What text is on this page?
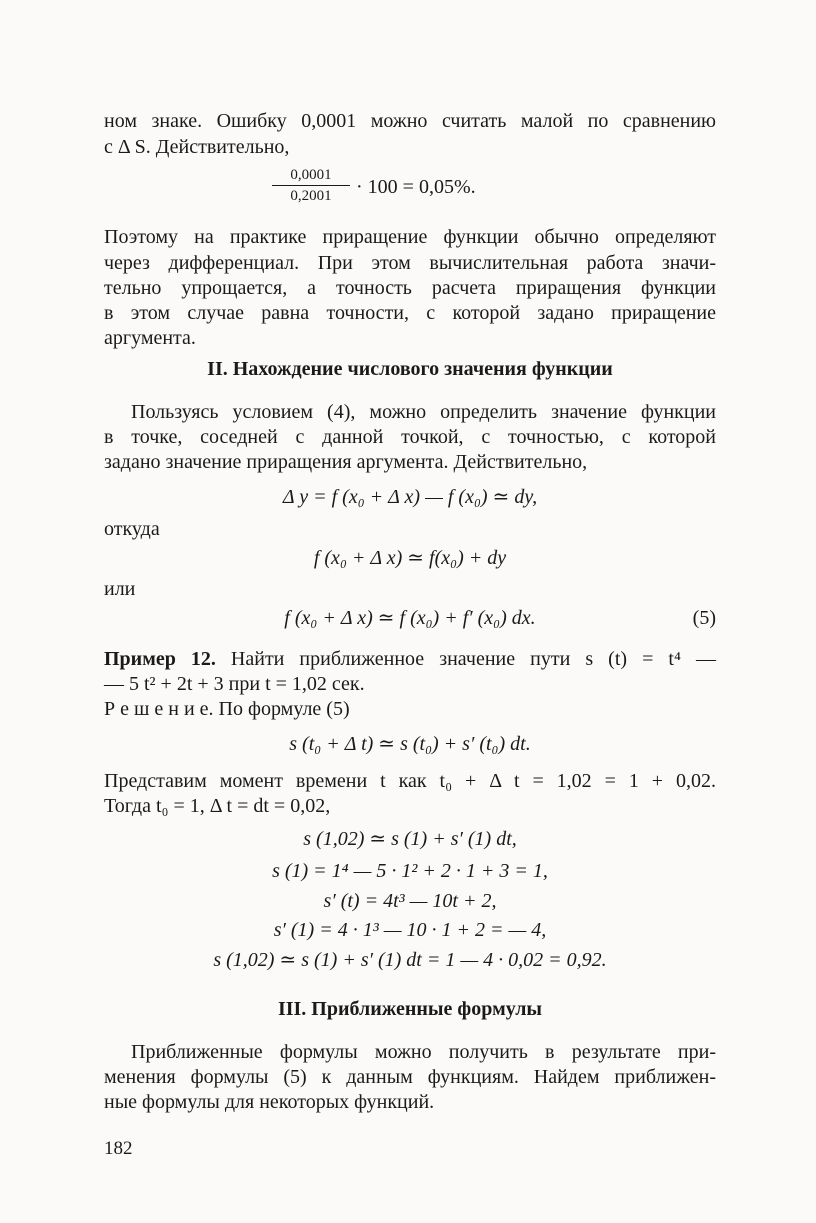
ном знаке. Ошибку 0,0001 можно считать малой по сравнению
с Δ S. Действительно,
0,0001
0,2001	· 100 = 0,05%.
Поэтому на практике приращение функции обычно определяют
через дифференциал. При этом вычислительная работа значи-
тельно упрощается, а точность расчета приращения функции
в этом случае равна точности, с которой задано приращение
аргумента.
II. Нахождение числового значения функции
Пользуясь условием (4), можно определить значение функции
в точке, соседней с данной точкой, с точностью, с которой
задано значение приращения аргумента. Действительно,
Δ y = f (x₀ + Δ x) — f (x₀) ≃ dy,
откуда
f (x₀ + Δ x) ≃ f(x₀) + dy
или
f (x₀ + Δ x) ≃ f (x₀) + f′ (x₀) dx.	(5)
Пример 12. Найти приближенное значение пути s (t) = t⁴ —
— 5 t² + 2t + 3 при t = 1,02 сек.
Р е ш е н и е. По формуле (5)
s (t₀ + Δ t) ≃ s (t₀) + s′ (t₀) dt.
Представим момент времени t как t₀ + Δ t = 1,02 = 1 + 0,02.
Тогда t₀ = 1, Δ t = dt = 0,02,
s (1,02) ≃ s (1) + s′ (1) dt,
s (1) = 1⁴ — 5 · 1² + 2 · 1 + 3 = 1,
s′ (t) = 4t³ — 10t + 2,
s′ (1) = 4 · 1³ — 10 · 1 + 2 = — 4,
s (1,02) ≃ s (1) + s′ (1) dt = 1 — 4 · 0,02 = 0,92.
III. Приближенные формулы
Приближенные формулы можно получить в результате при-
менения формулы (5) к данным функциям. Найдем приближен-
ные формулы для некоторых функций.
182
